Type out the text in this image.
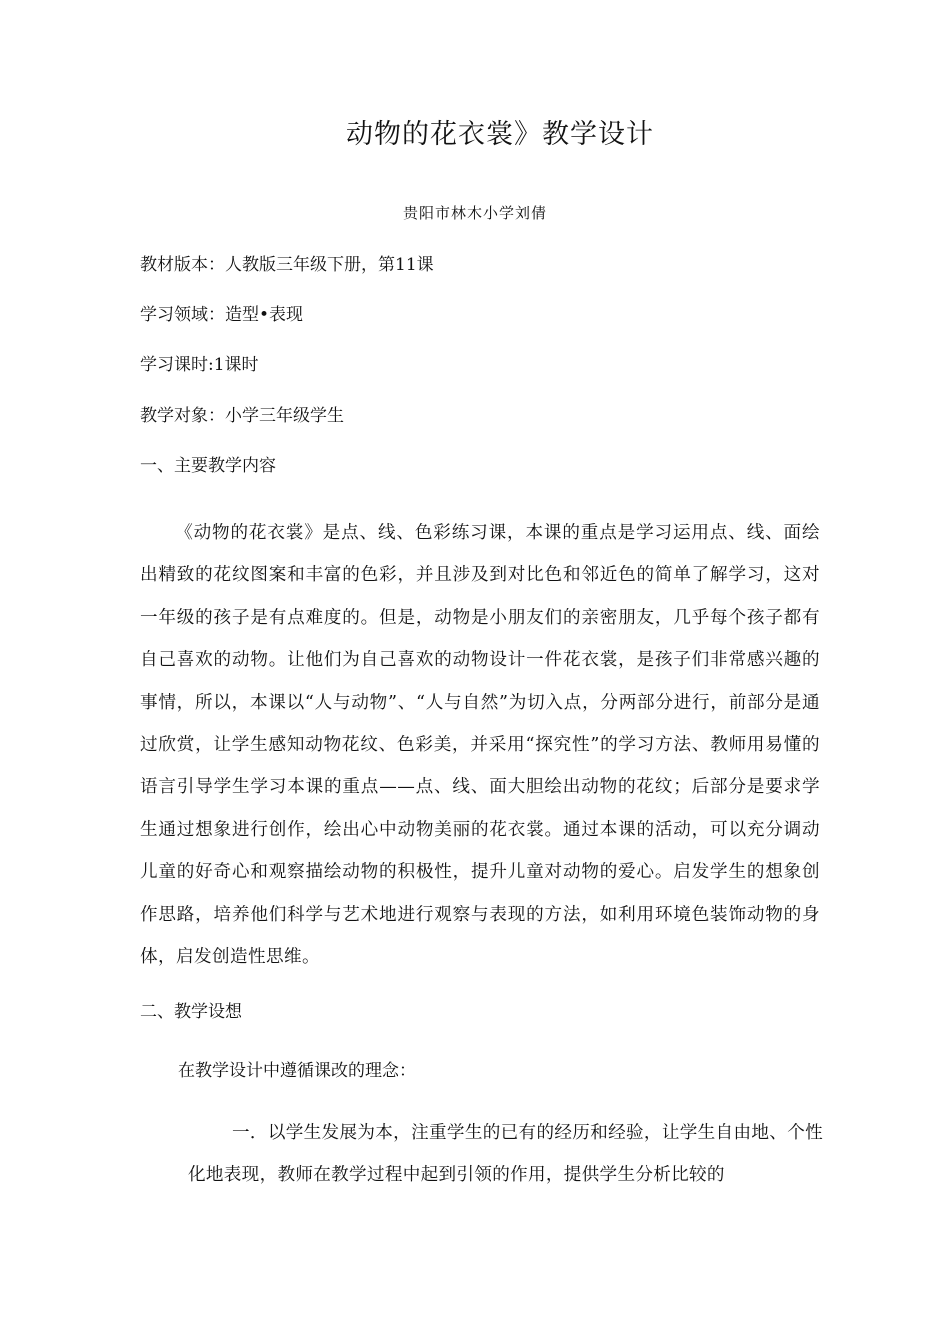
动物的花衣裳》教学设计
贵阳市林木小学刘倩
教材版本：人教版三年级下册，第11课
学习领域：造型•表现
学习课时:1课时
教学对象：小学三年级学生
一、主要教学内容
《动物的花衣裳》是点、线、色彩练习课，本课的重点是学习运用点、线、面绘出精致的花纹图案和丰富的色彩，并且涉及到对比色和邻近色的简单了解学习，这对一年级的孩子是有点难度的。但是，动物是小朋友们的亲密朋友，几乎每个孩子都有自己喜欢的动物。让他们为自己喜欢的动物设计一件花衣裳，是孩子们非常感兴趣的事情，所以，本课以“人与动物”、“人与自然”为切入点，分两部分进行，前部分是通过欣赏，让学生感知动物花纹、色彩美，并采用“探究性”的学习方法、教师用易懂的语言引导学生学习本课的重点——点、线、面大胆绘出动物的花纹；后部分是要求学生通过想象进行创作，绘出心中动物美丽的花衣裳。通过本课的活动，可以充分调动儿童的好奇心和观察描绘动物的积极性，提升儿童对动物的爱心。启发学生的想象创作思路，培养他们科学与艺术地进行观察与表现的方法，如利用环境色装饰动物的身体，启发创造性思维。
二、教学设想
在教学设计中遵循课改的理念：
一．以学生发展为本，注重学生的已有的经历和经验，让学生自由地、个性化地表现，教师在教学过程中起到引领的作用，提供学生分析比较的
